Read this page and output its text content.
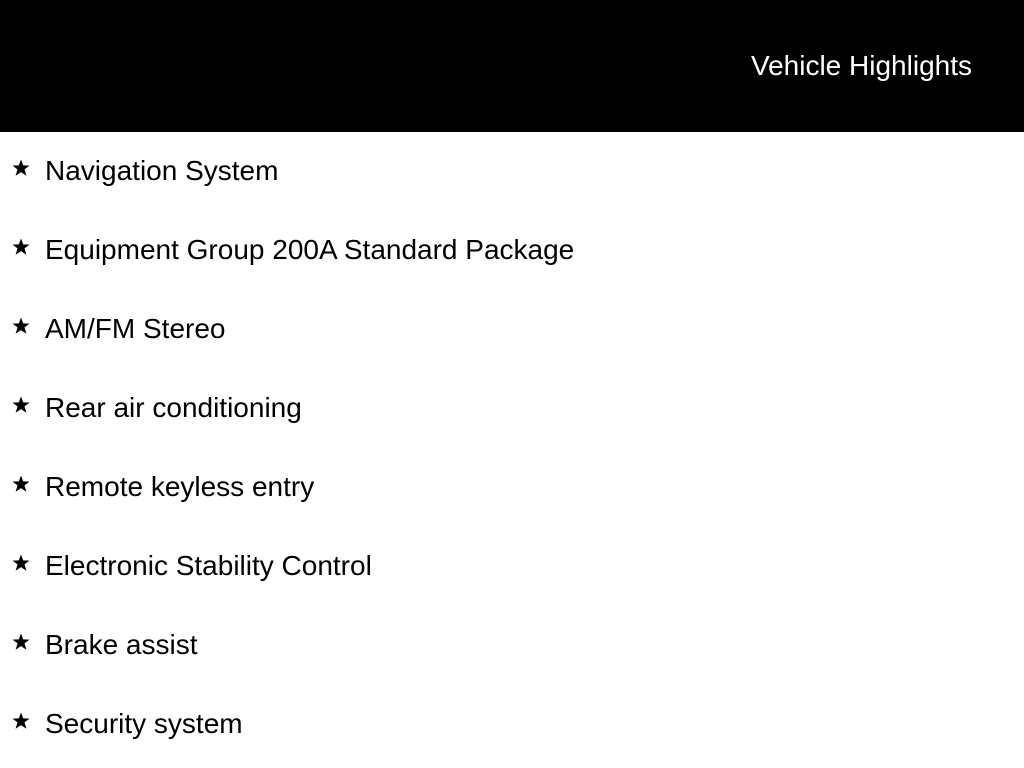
Vehicle Highlights
Navigation System
Equipment Group 200A Standard Package
AM/FM Stereo
Rear air conditioning
Remote keyless entry
Electronic Stability Control
Brake assist
Security system
